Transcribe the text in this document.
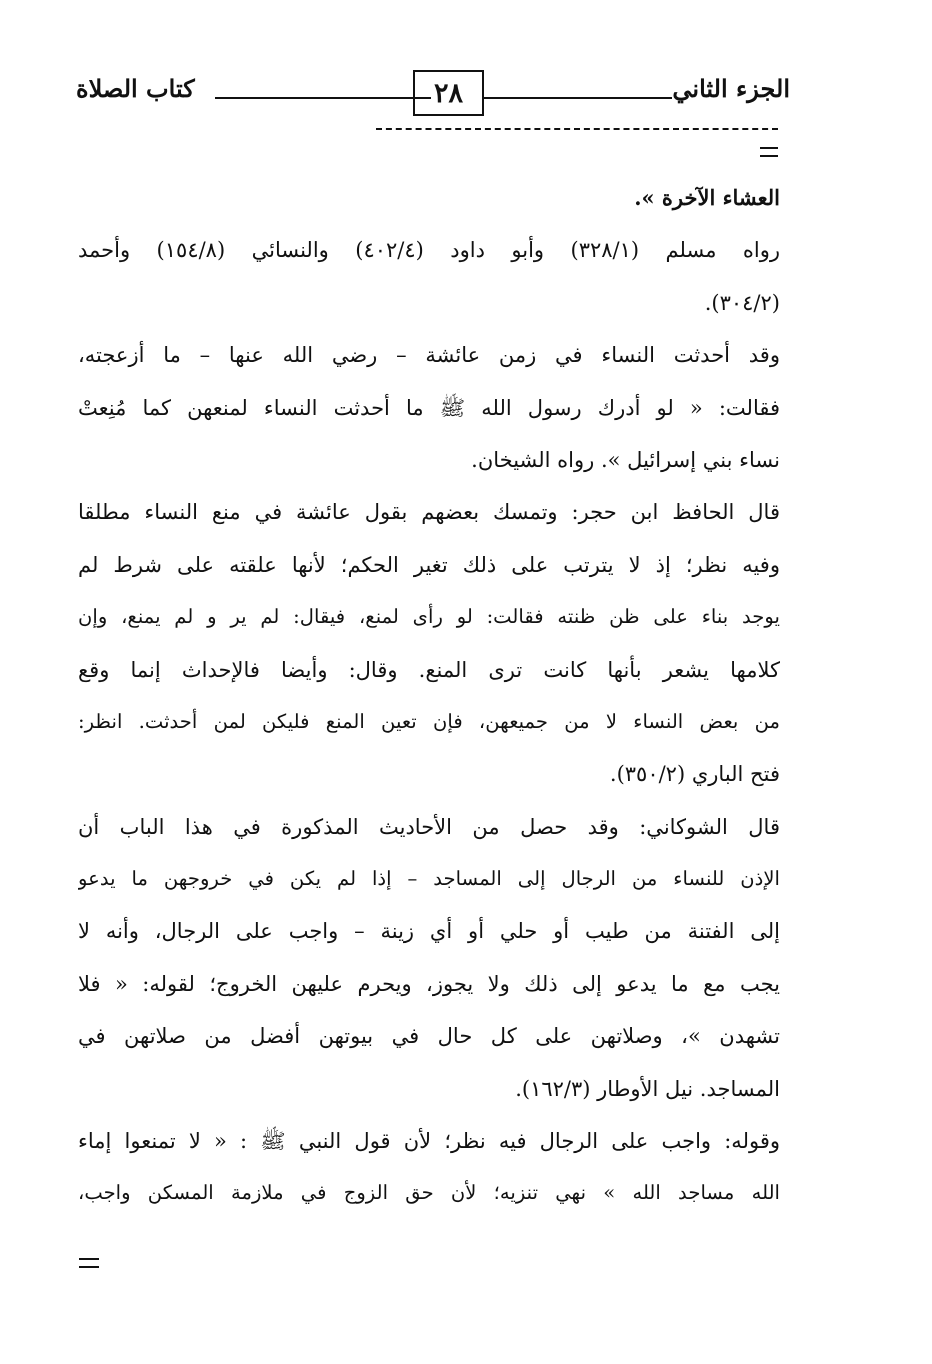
الجزء الثاني
٢٨
كتاب الصلاة
العشاء الآخرة ».
رواه مسلم (٣٢٨/١) وأبو داود (٤٠٢/٤) والنسائي (١٥٤/٨) وأحمد
(٣٠٤/٢).
وقد أحدثت النساء في زمن عائشة – رضي الله عنها – ما أزعجته،
فقالت: « لو أدرك رسول الله ﷺ ما أحدثت النساء لمنعهن كما مُنِعتْ
نساء بني إسرائيل ». رواه الشيخان.
قال الحافظ ابن حجر: وتمسك بعضهم بقول عائشة في منع النساء مطلقا
وفيه نظر؛ إذ لا يترتب على ذلك تغير الحكم؛ لأنها علقته على شرط لم
يوجد بناء على ظن ظنته فقالت: لو رأى لمنع، فيقال: لم ير و لم يمنع، وإن
كلامها يشعر بأنها كانت ترى المنع. وقال: وأيضا فالإحداث إنما وقع
من بعض النساء لا من جميعهن، فإن تعين المنع فليكن لمن أحدثت. انظر:
فتح الباري (٣٥٠/٢).
قال الشوكاني: وقد حصل من الأحاديث المذكورة في هذا الباب أن
الإذن للنساء من الرجال إلى المساجد – إذا لم يكن في خروجهن ما يدعو
إلى الفتنة من طيب أو حلي أو أي زينة – واجب على الرجال، وأنه لا
يجب مع ما يدعو إلى ذلك ولا يجوز، ويحرم عليهن الخروج؛ لقوله: « فلا
تشهدن »، وصلاتهن على كل حال في بيوتهن أفضل من صلاتهن في
المساجد. نيل الأوطار (١٦٢/٣).
وقوله: واجب على الرجال فيه نظر؛ لأن قول النبي ﷺ : « لا تمنعوا إماء
الله مساجد الله » نهي تنزيه؛ لأن حق الزوج في ملازمة المسكن واجب،
